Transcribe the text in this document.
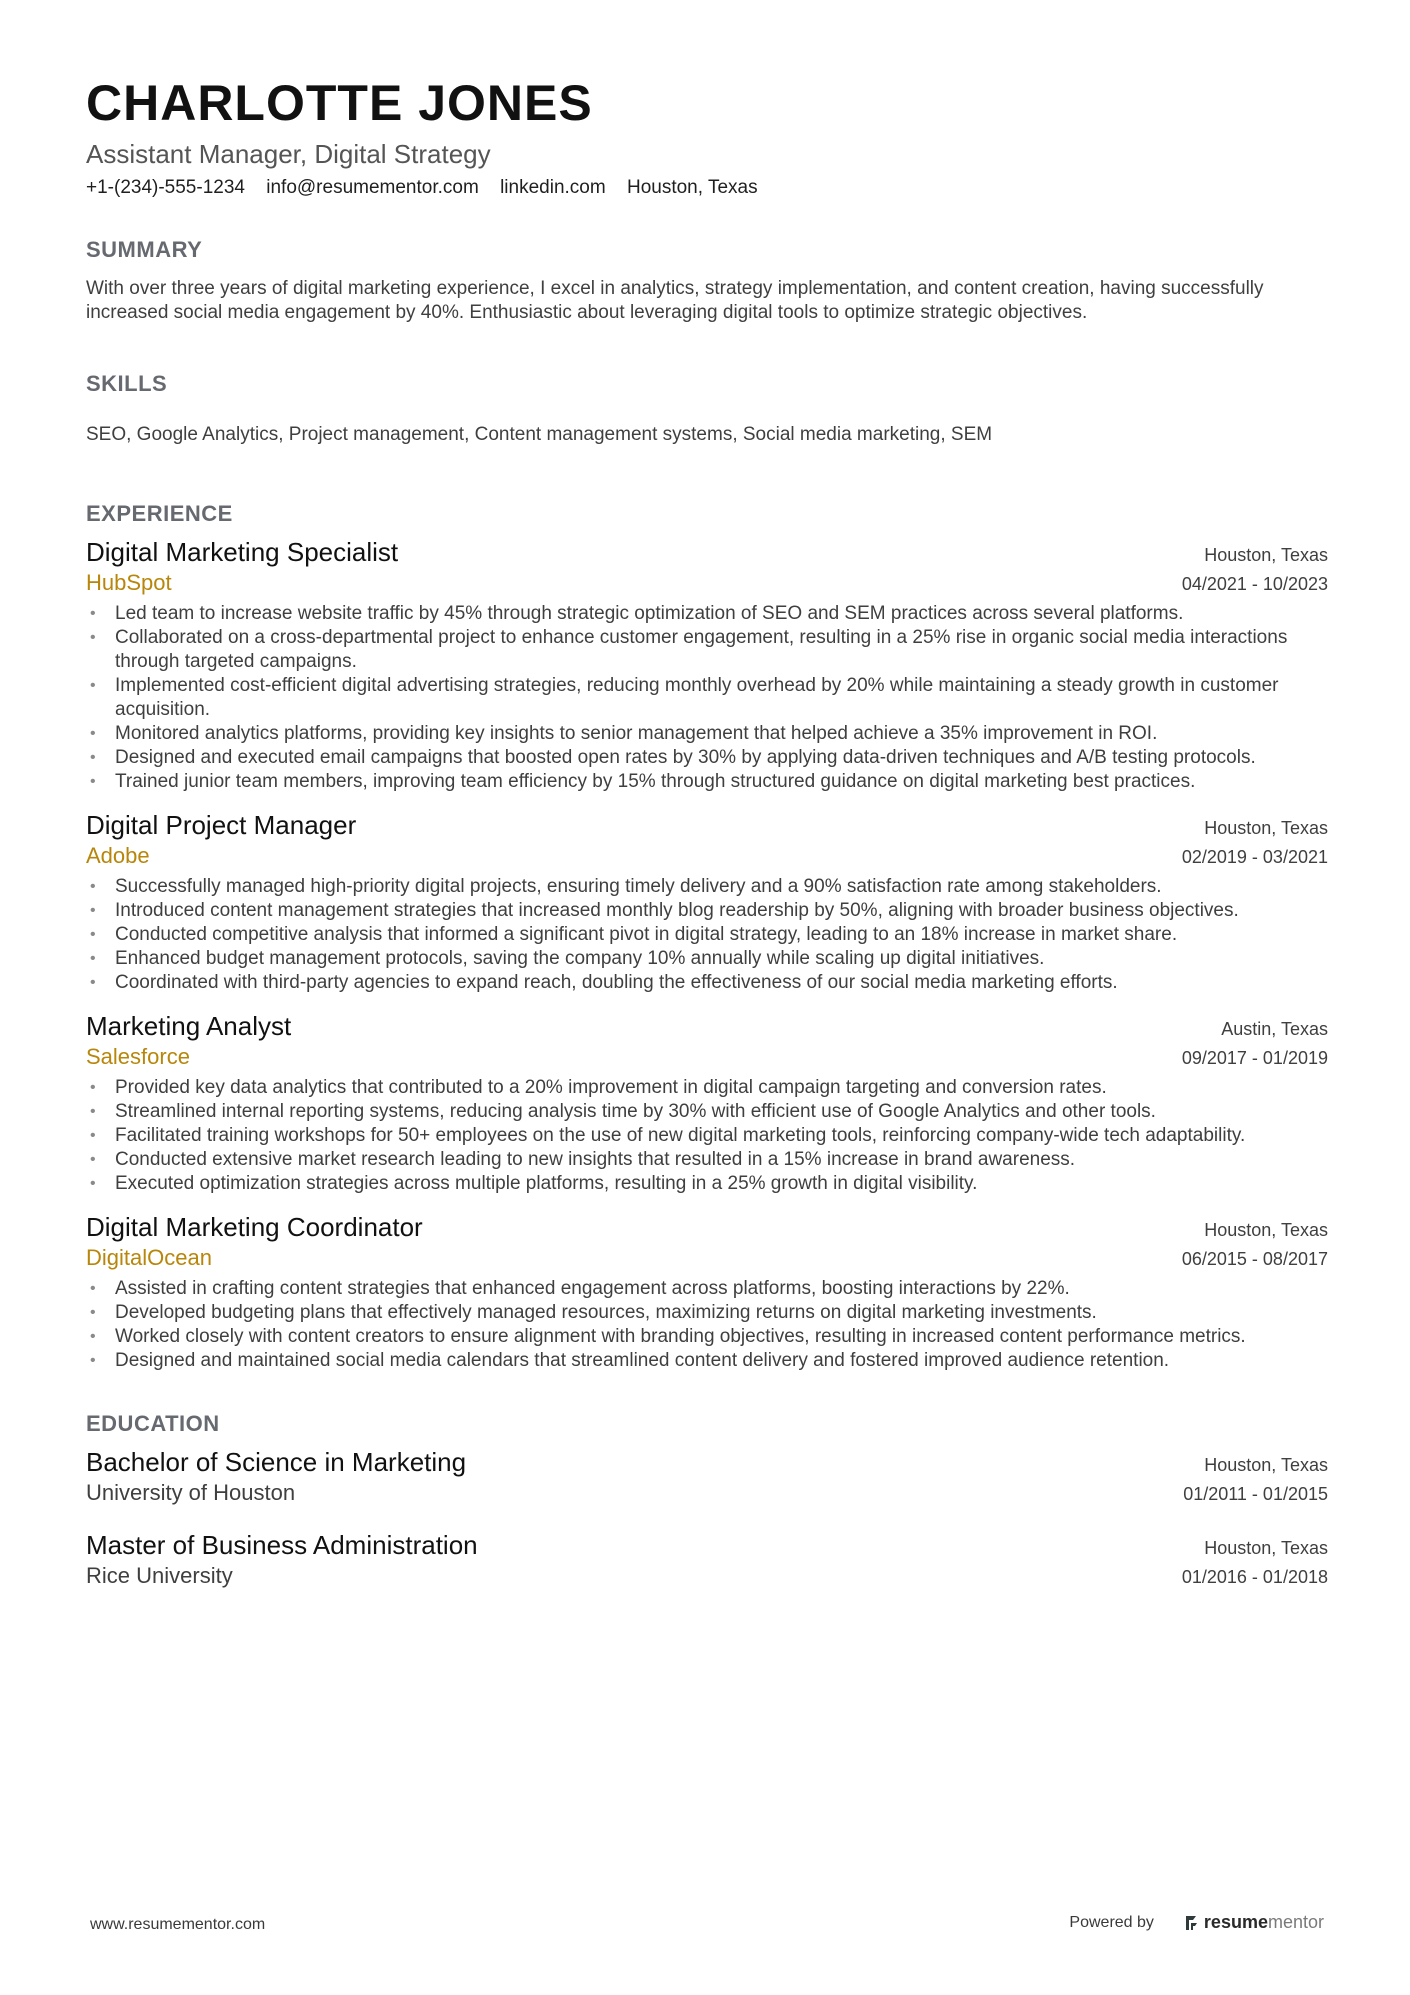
CHARLOTTE JONES
Assistant Manager, Digital Strategy
+1-(234)-555-1234 info@resumementor.com linkedin.com Houston, Texas
SUMMARY
With over three years of digital marketing experience, I excel in analytics, strategy implementation, and content creation, having successfully increased social media engagement by 40%. Enthusiastic about leveraging digital tools to optimize strategic objectives.
SKILLS
SEO, Google Analytics, Project management, Content management systems, Social media marketing, SEM
EXPERIENCE
Digital Marketing Specialist	Houston, Texas
HubSpot	04/2021 - 10/2023
• Led team to increase website traffic by 45% through strategic optimization of SEO and SEM practices across several platforms.
• Collaborated on a cross-departmental project to enhance customer engagement, resulting in a 25% rise in organic social media interactions through targeted campaigns.
• Implemented cost-efficient digital advertising strategies, reducing monthly overhead by 20% while maintaining a steady growth in customer acquisition.
• Monitored analytics platforms, providing key insights to senior management that helped achieve a 35% improvement in ROI.
• Designed and executed email campaigns that boosted open rates by 30% by applying data-driven techniques and A/B testing protocols.
• Trained junior team members, improving team efficiency by 15% through structured guidance on digital marketing best practices.
Digital Project Manager	Houston, Texas
Adobe	02/2019 - 03/2021
• Successfully managed high-priority digital projects, ensuring timely delivery and a 90% satisfaction rate among stakeholders.
• Introduced content management strategies that increased monthly blog readership by 50%, aligning with broader business objectives.
• Conducted competitive analysis that informed a significant pivot in digital strategy, leading to an 18% increase in market share.
• Enhanced budget management protocols, saving the company 10% annually while scaling up digital initiatives.
• Coordinated with third-party agencies to expand reach, doubling the effectiveness of our social media marketing efforts.
Marketing Analyst	Austin, Texas
Salesforce	09/2017 - 01/2019
• Provided key data analytics that contributed to a 20% improvement in digital campaign targeting and conversion rates.
• Streamlined internal reporting systems, reducing analysis time by 30% with efficient use of Google Analytics and other tools.
• Facilitated training workshops for 50+ employees on the use of new digital marketing tools, reinforcing company-wide tech adaptability.
• Conducted extensive market research leading to new insights that resulted in a 15% increase in brand awareness.
• Executed optimization strategies across multiple platforms, resulting in a 25% growth in digital visibility.
Digital Marketing Coordinator	Houston, Texas
DigitalOcean	06/2015 - 08/2017
• Assisted in crafting content strategies that enhanced engagement across platforms, boosting interactions by 22%.
• Developed budgeting plans that effectively managed resources, maximizing returns on digital marketing investments.
• Worked closely with content creators to ensure alignment with branding objectives, resulting in increased content performance metrics.
• Designed and maintained social media calendars that streamlined content delivery and fostered improved audience retention.
EDUCATION
Bachelor of Science in Marketing	Houston, Texas
University of Houston	01/2011 - 01/2015
Master of Business Administration	Houston, Texas
Rice University	01/2016 - 01/2018
www.resumementor.com	Powered by	resume mentor
